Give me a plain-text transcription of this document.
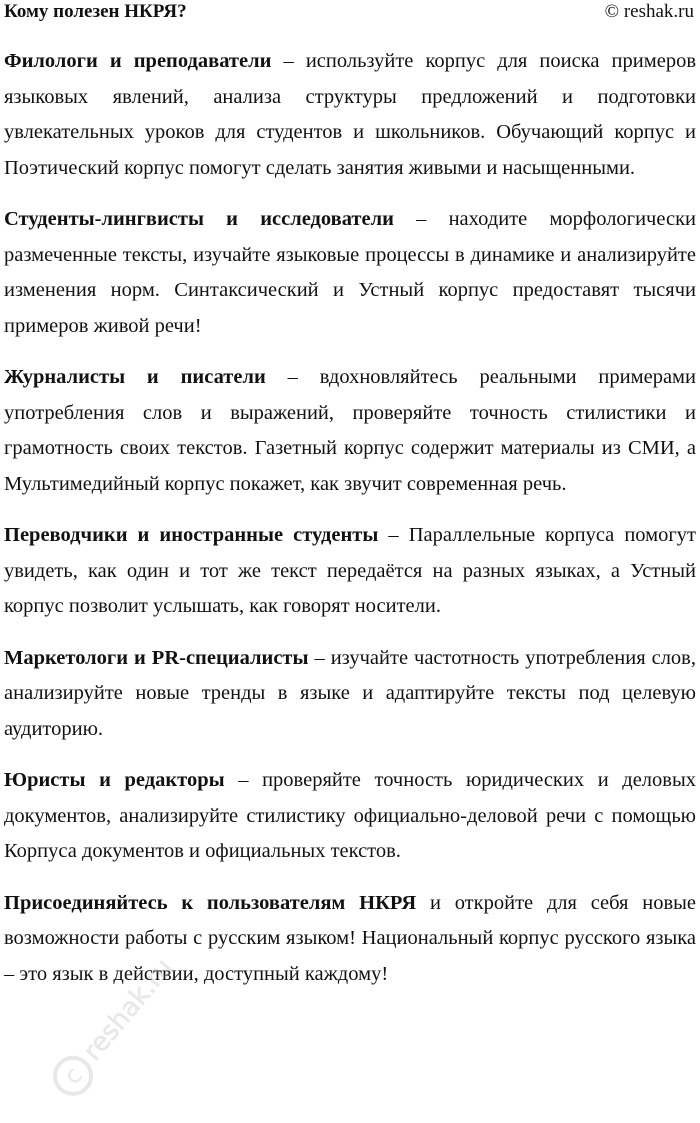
Кому полезен НКРЯ?	© reshak.ru

Филологи и преподаватели – используйте корпус для поиска примеров языковых явлений, анализа структуры предложений и подготовки увлекательных уроков для студентов и школьников. Обучающий корпус и Поэтический корпус помогут сделать занятия живыми и насыщенными.

Студенты-лингвисты и исследователи – находите морфологически размеченные тексты, изучайте языковые процессы в динамике и анализируйте изменения норм. Синтаксический и Устный корпус предоставят тысячи примеров живой речи!

Журналисты и писатели – вдохновляйтесь реальными примерами употребления слов и выражений, проверяйте точность стилистики и грамотность своих текстов. Газетный корпус содержит материалы из СМИ, а Мультимедийный корпус покажет, как звучит современная речь.

Переводчики и иностранные студенты – Параллельные корпуса помогут увидеть, как один и тот же текст передаётся на разных языках, а Устный корпус позволит услышать, как говорят носители.

Маркетологи и PR-специалисты – изучайте частотность употребления слов, анализируйте новые тренды в языке и адаптируйте тексты под целевую аудиторию.

Юристы и редакторы – проверяйте точность юридических и деловых документов, анализируйте стилистику официально-деловой речи с помощью Корпуса документов и официальных текстов.

Присоединяйтесь к пользователям НКРЯ и откройте для себя новые возможности работы с русским языком! Национальный корпус русского языка – это язык в действии, доступный каждому!

c
reshak.ru
